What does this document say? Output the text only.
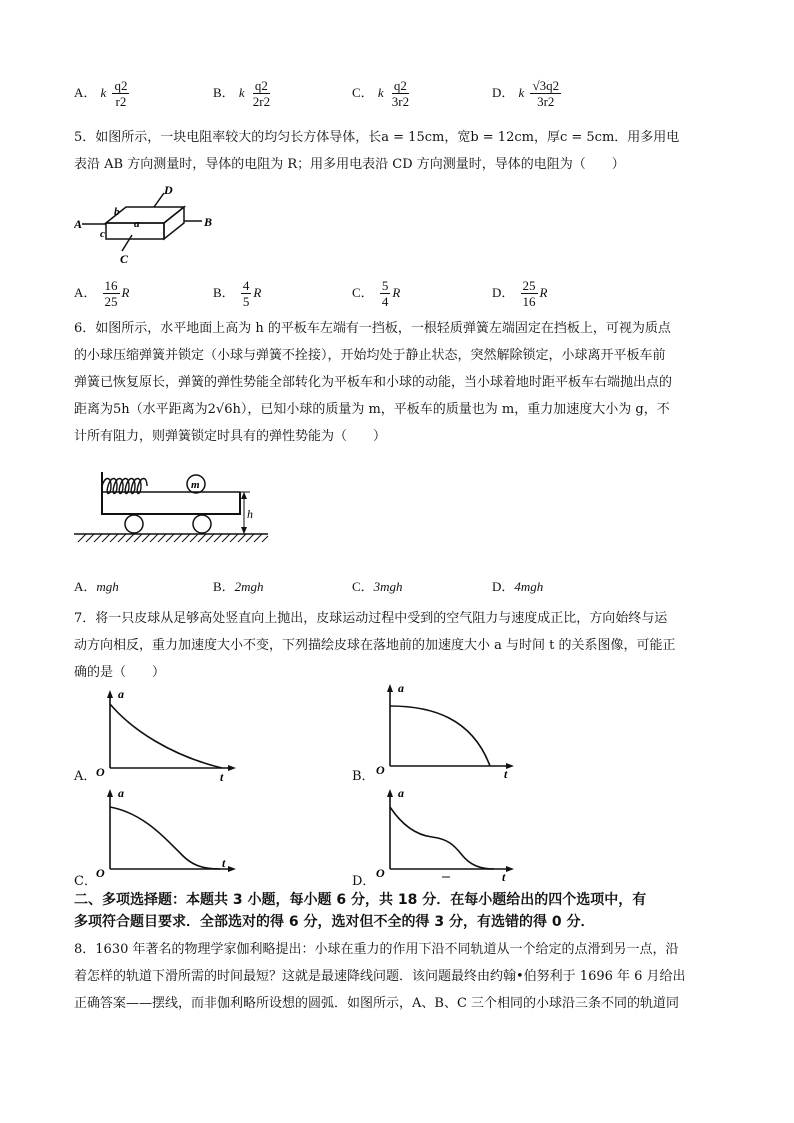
A． k $\frac{q2}{r2}$	B． k $\frac{q2}{2r2}$	C． k $\frac{q2}{3r2}$	D． k $\frac{√3q2}{3r2}$
5．如图所示，一块电阻率较大的均匀长方体导体，长a = 15cm，宽b = 12cm，厚c = 5cm．用多用电
表沿 AB 方向测量时，导体的电阻为 R；用多用电表沿 CD 方向测量时，导体的电阻为（　　）
A	B
C
D
a
b
c
A． $\frac{16}{25}$ R	B． $\frac{4}{5}$ R	C． $\frac{5}{4}$ R	D． $\frac{25}{16}$ R
6．如图所示，水平地面上高为 h 的平板车左端有一挡板，一根轻质弹簧左端固定在挡板上，可视为质点
的小球压缩弹簧并锁定（小球与弹簧不拴接），开始均处于静止状态，突然解除锁定，小球离开平板车前
弹簧已恢复原长，弹簧的弹性势能全部转化为平板车和小球的动能，当小球着地时距平板车右端抛出点的
距离为5h（水平距离为2√6h），已知小球的质量为 m，平板车的质量也为 m，重力加速度大小为 g，不
计所有阻力，则弹簧锁定时具有的弹性势能为（　　）
m
h
A．mgh	B．2mgh	C．3mgh	D．4mgh
7．将一只皮球从足够高处竖直向上抛出，皮球运动过程中受到的空气阻力与速度成正比，方向始终与运
动方向相反，重力加速度大小不变，下列描绘皮球在落地前的加速度大小 a 与时间 t 的关系图像，可能正
确的是（　　）
A．
a
t
O	B．
a
t
O
C．
a
t
O
D．
a
t
O
二、多项选择题：本题共 3 小题，每小题 6 分，共 18 分．在每小题给出的四个选项中，有
多项符合题目要求．全部选对的得 6 分，选对但不全的得 3 分，有选错的得 0 分．
8．1630 年著名的物理学家伽利略提出：小球在重力的作用下沿不同轨道从一个给定的点滑到另一点，沿
着怎样的轨道下滑所需的时间最短？这就是最速降线问题．该问题最终由约翰•伯努利于 1696 年 6 月给出
正确答案——摆线，而非伽利略所设想的圆弧．如图所示，A、B、C 三个相同的小球沿三条不同的轨道同
